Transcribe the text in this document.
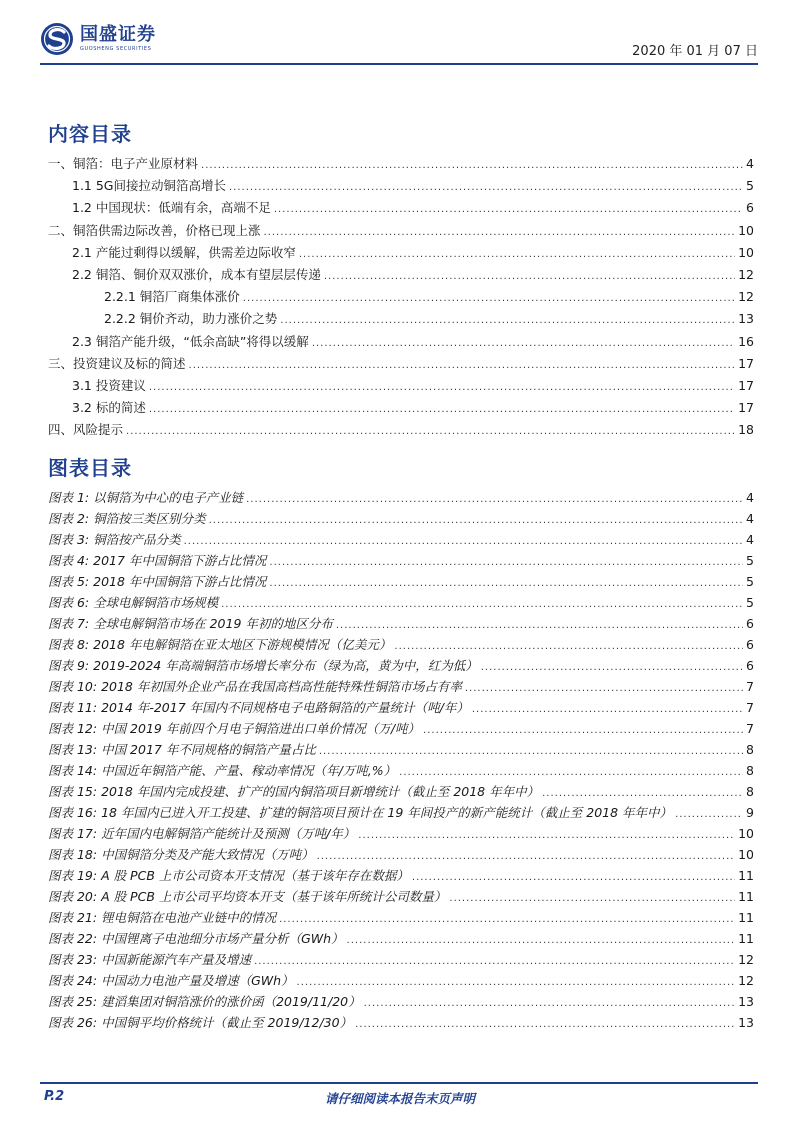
国盛证券
GUOSHENG SECURITIES	2020 年 01 月 07 日
内容目录
一、铜箔：电子产业原材料 .....	4
1.1 5G间接拉动铜箔高增长 .....	5
1.2 中国现状：低端有余，高端不足 .....	6
二、铜箔供需边际改善，价格已现上涨 .....	10
2.1 产能过剩得以缓解，供需差边际收窄 .....	10
2.2 铜箔、铜价双双涨价，成本有望层层传递 .....	12
2.2.1 铜箔厂商集体涨价 .....	12
2.2.2 铜价齐动，助力涨价之势 .....	13
2.3 铜箔产能升级，“低余高缺”将得以缓解 .....	16
三、投资建议及标的简述 .....	17
3.1 投资建议 .....	17
3.2 标的简述 .....	17
四、风险提示 .....	18
图表目录
图表 1: 以铜箔为中心的电子产业链 .....	4
图表 2: 铜箔按三类区别分类 .....	4
图表 3: 铜箔按产品分类 .....	4
图表 4: 2017 年中国铜箔下游占比情况 .....	5
图表 5: 2018 年中国铜箔下游占比情况 .....	5
图表 6: 全球电解铜箔市场规模 .....	5
图表 7: 全球电解铜箔市场在 2019 年初的地区分布 .....	6
图表 8: 2018 年电解铜箔在亚太地区下游规模情况（亿美元） .....	6
图表 9: 2019-2024 年高端铜箔市场增长率分布（绿为高，黄为中，红为低） .....	6
图表 10: 2018 年初国外企业产品在我国高档高性能特殊性铜箔市场占有率 .....	7
图表 11: 2014 年-2017 年国内不同规格电子电路铜箔的产量统计（吨/年） .....	7
图表 12: 中国 2019 年前四个月电子铜箔进出口单价情况（万/吨） .....	7
图表 13: 中国 2017 年不同规格的铜箔产量占比 .....	8
图表 14: 中国近年铜箔产能、产量、稼动率情况（年/万吨,%） .....	8
图表 15: 2018 年国内完成投建、扩产的国内铜箔项目新增统计（截止至 2018 年年中） .....	8
图表 16: 18 年国内已进入开工投建、扩建的铜箔项目预计在 19 年间投产的新产能统计（截止至 2018 年年中） .....	9
图表 17: 近年国内电解铜箔产能统计及预测（万吨/年） .....	10
图表 18: 中国铜箔分类及产能大致情况（万吨） .....	10
图表 19: A 股 PCB 上市公司资本开支情况（基于该年存在数据） .....	11
图表 20: A 股 PCB 上市公司平均资本开支（基于该年所统计公司数量） .....	11
图表 21: 锂电铜箔在电池产业链中的情况 .....	11
图表 22: 中国锂离子电池细分市场产量分析（GWh） .....	11
图表 23: 中国新能源汽车产量及增速 .....	12
图表 24: 中国动力电池产量及增速（GWh） .....	12
图表 25: 建滔集团对铜箔涨价的涨价函（2019/11/20） .....	13
图表 26: 中国铜平均价格统计（截止至 2019/12/30） .....	13
P.2	请仔细阅读本报告末页声明
